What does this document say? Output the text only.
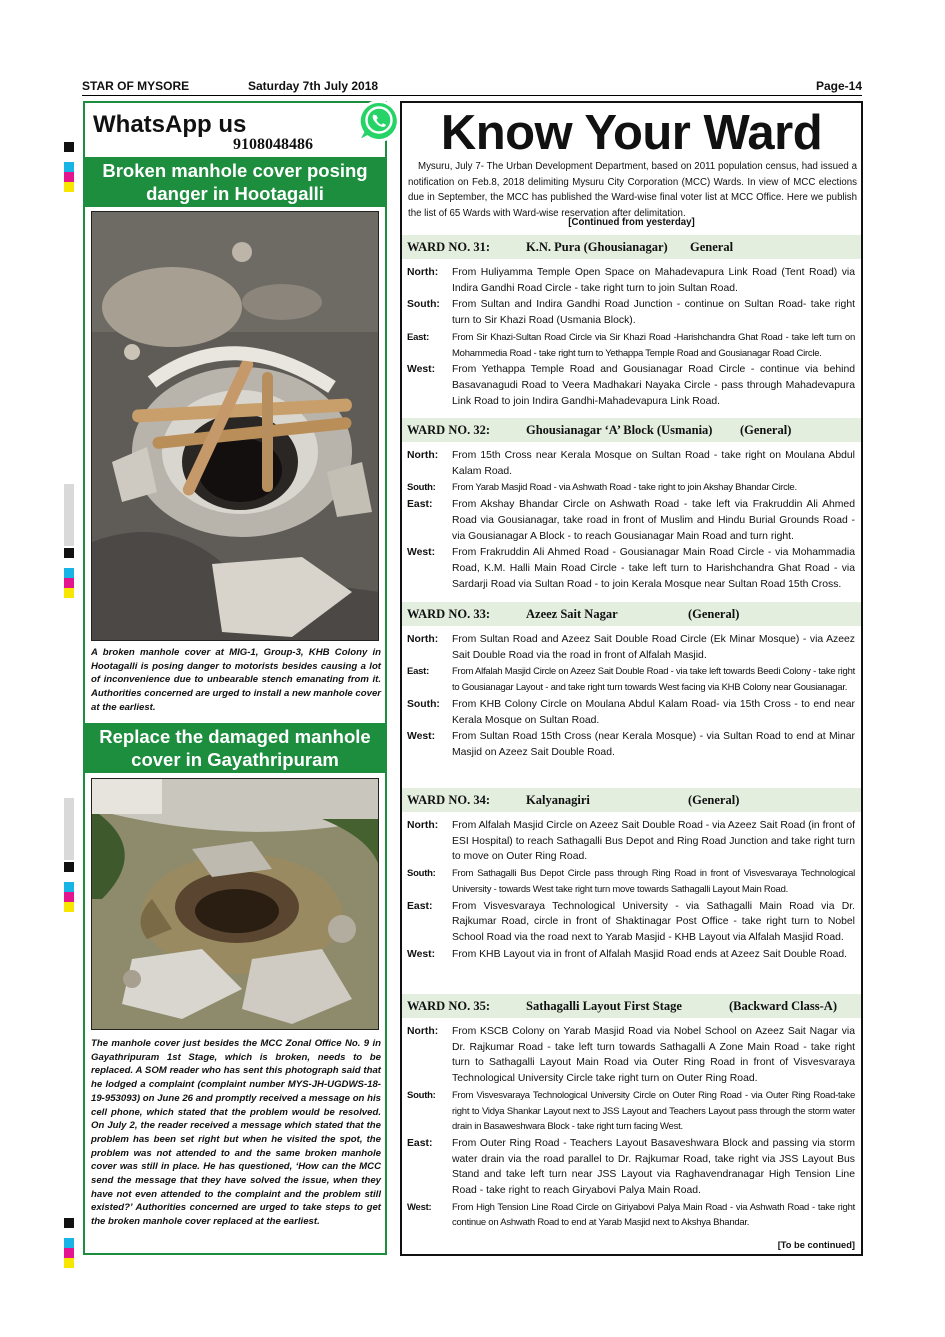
STAR OF MYSORE	Saturday 7th July 2018	Page-14
WhatsApp us
9108048486
Broken manhole cover posing danger in Hootagalli
A broken manhole cover at MIG-1, Group-3, KHB Colony in Hootagalli is posing danger to motorists besides causing a lot of inconvenience due to unbearable stench emanating from it. Authorities concerned are urged to install a new manhole cover at the earliest.
Replace the damaged manhole cover in Gayathripuram
The manhole cover just besides the MCC Zonal Office No. 9 in Gayathripuram 1st Stage, which is broken, needs to be replaced. A SOM reader who has sent this photograph said that he lodged a complaint (complaint number MYS-JH-UGDWS-18-19-953093) on June 26 and promptly received a message on his cell phone, which stated that the problem would be resolved. On July 2, the reader received a message which stated that the problem has been set right but when he visited the spot, the problem was not attended to and the same broken manhole cover was still in place. He has questioned, ‘How can the MCC send the message that they have solved the issue, when they have not even attended to the complaint and the problem still existed?’ Authorities concerned are urged to take steps to get the broken manhole cover replaced at the earliest.
Know Your Ward
Mysuru, July 7- The Urban Development Department, based on 2011 population census, had issued a notification on Feb.8, 2018 delimiting Mysuru City Corporation (MCC) Wards. In view of MCC elections due in September, the MCC has published the Ward-wise final voter list at MCC Office. Here we publish the list of 65 Wards with Ward-wise reservation after delimitation.
[Continued from yesterday]
WARD NO. 31:	K.N. Pura (Ghousianagar) General
North: From Huliyamma Temple Open Space on Mahadevapura Link Road (Tent Road) via Indira Gandhi Road Circle - take right turn to join Sultan Road.
South: From Sultan and Indira Gandhi Road Junction - continue on Sultan Road- take right turn to Sir Khazi Road (Usmania Block).
East: From Sir Khazi-Sultan Road Circle via Sir Khazi Road -Harishchandra Ghat Road - take left turn on Mohammedia Road - take right turn to Yethappa Temple Road and Gousianagar Road Circle.
West: From Yethappa Temple Road and Gousianagar Road Circle - continue via behind Basavanagudi Road to Veera Madhakari Nayaka Circle - pass through Mahadevapura Link Road to join Indira Gandhi-Mahadevapura Link Road.
WARD NO. 32:	Ghousianagar ‘A’ Block (Usmania) (General)
North: From 15th Cross near Kerala Mosque on Sultan Road - take right on Moulana Abdul Kalam Road.
South: From Yarab Masjid Road - via Ashwath Road - take right to join Akshay Bhandar Circle.
East: From Akshay Bhandar Circle on Ashwath Road - take left via Frakruddin Ali Ahmed Road via Gousianagar, take road in front of Muslim and Hindu Burial Grounds Road - via Gousianagar A Block - to reach Gousianagar Main Road and turn right.
West: From Frakruddin Ali Ahmed Road - Gousianagar Main Road Circle - via Mohammadia Road, K.M. Halli Main Road Circle - take left turn to Harishchandra Ghat Road - via Sardarji Road via Sultan Road - to join Kerala Mosque near Sultan Road 15th Cross.
WARD NO. 33:	Azeez Sait Nagar	(General)
North: From Sultan Road and Azeez Sait Double Road Circle (Ek Minar Mosque) - via Azeez Sait Double Road via the road in front of Alfalah Masjid.
East: From Alfalah Masjid Circle on Azeez Sait Double Road - via take left towards Beedi Colony - take right to Gousianagar Layout - and take right turn towards West facing via KHB Colony near Gousianagar.
South: From KHB Colony Circle on Moulana Abdul Kalam Road- via 15th Cross - to end near Kerala Mosque on Sultan Road.
West: From Sultan Road 15th Cross (near Kerala Mosque) - via Sultan Road to end at Minar Masjid on Azeez Sait Double Road.
WARD NO. 34:	Kalyanagiri	(General)
North: From Alfalah Masjid Circle on Azeez Sait Double Road - via Azeez Sait Road (in front of ESI Hospital) to reach Sathagalli Bus Depot and Ring Road Junction and take right turn to move on Outer Ring Road.
South: From Sathagalli Bus Depot Circle pass through Ring Road in front of Visvesvaraya Technological University - towards West take right turn move towards Sathagalli Layout Main Road.
East: From Visvesvaraya Technological University - via Sathagalli Main Road via Dr. Rajkumar Road, circle in front of Shaktinagar Post Office - take right turn to Nobel School Road via the road next to Yarab Masjid - KHB Layout via Alfalah Masjid Road.
West: From KHB Layout via in front of Alfalah Masjid Road ends at Azeez Sait Double Road.
WARD NO. 35:	Sathagalli Layout First Stage	(Backward Class-A)
North: From KSCB Colony on Yarab Masjid Road via Nobel School on Azeez Sait Nagar via Dr. Rajkumar Road - take left turn towards Sathagalli A Zone Main Road - take right turn to Sathagalli Layout Main Road via Outer Ring Road in front of Visvesvaraya Technological University Circle take right turn on Outer Ring Road.
South: From Visvesvaraya Technological University Circle on Outer Ring Road - via Outer Ring Road-take right to Vidya Shankar Layout next to JSS Layout and Teachers Layout pass through the storm water drain in Basaweshwara Block - take right turn facing West.
East: From Outer Ring Road - Teachers Layout Basaveshwara Block and passing via storm water drain via the road parallel to Dr. Rajkumar Road, take right via JSS Layout Bus Stand and take left turn near JSS Layout via Raghavendranagar High Tension Line Road - take right to reach Giryabovi Palya Main Road.
West: From High Tension Line Road Circle on Giriyabovi Palya Main Road - via Ashwath Road - take right continue on Ashwath Road to end at Yarab Masjid next to Akshya Bhandar.
[To be continued]
